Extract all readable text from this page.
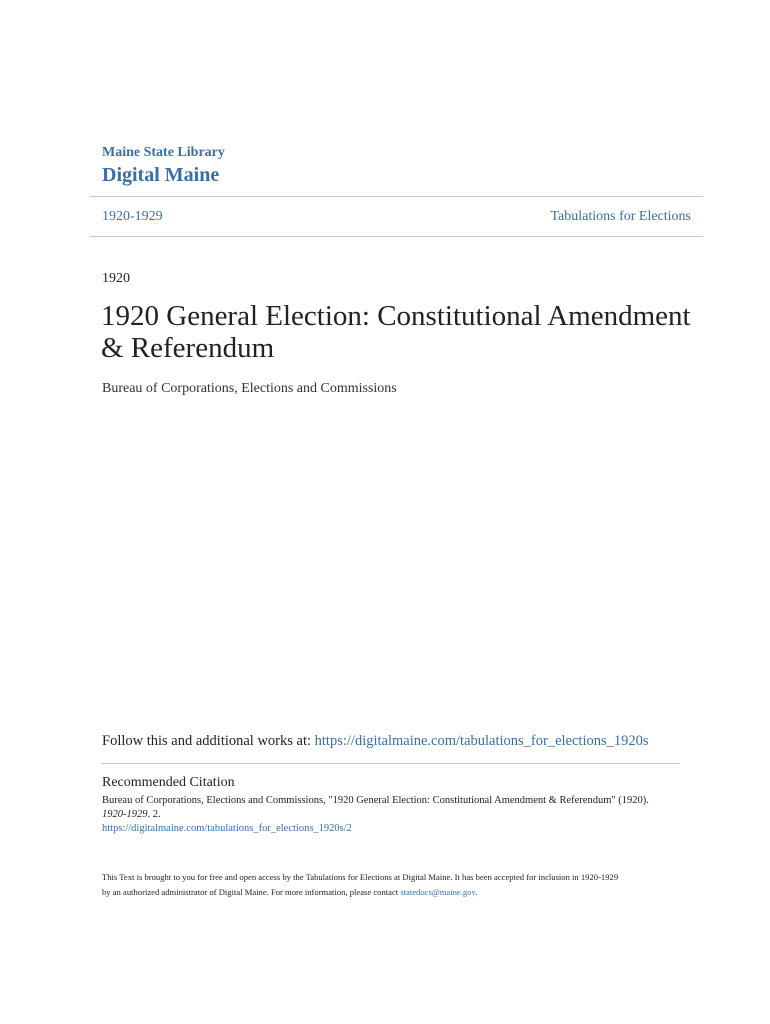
Maine State Library
Digital Maine
1920-1929	Tabulations for Elections
1920
1920 General Election: Constitutional Amendment & Referendum
Bureau of Corporations, Elections and Commissions
Follow this and additional works at: https://digitalmaine.com/tabulations_for_elections_1920s
Recommended Citation
Bureau of Corporations, Elections and Commissions, "1920 General Election: Constitutional Amendment & Referendum" (1920).
1920-1929. 2.
https://digitalmaine.com/tabulations_for_elections_1920s/2
This Text is brought to you for free and open access by the Tabulations for Elections at Digital Maine. It has been accepted for inclusion in 1920-1929
by an authorized administrator of Digital Maine. For more information, please contact statedocs@maine.gov.
